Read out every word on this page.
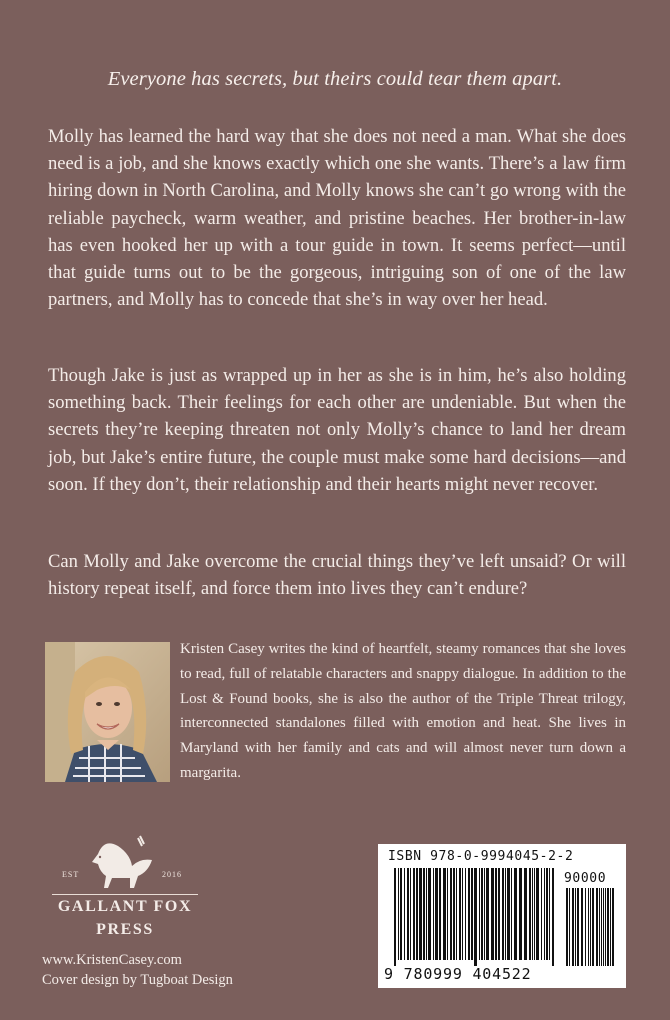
Everyone has secrets, but theirs could tear them apart.
Molly has learned the hard way that she does not need a man. What she does need is a job, and she knows exactly which one she wants. There’s a law firm hiring down in North Carolina, and Molly knows she can’t go wrong with the reliable paycheck, warm weather, and pristine beaches. Her brother-in-law has even hooked her up with a tour guide in town. It seems perfect—until that guide turns out to be the gorgeous, intriguing son of one of the law partners, and Molly has to concede that she’s in way over her head.
Though Jake is just as wrapped up in her as she is in him, he’s also holding something back. Their feelings for each other are undeniable. But when the secrets they’re keeping threaten not only Molly’s chance to land her dream job, but Jake’s entire future, the couple must make some hard decisions—and soon. If they don’t, their relationship and their hearts might never recover.
Can Molly and Jake overcome the crucial things they’ve left unsaid? Or will history repeat itself, and force them into lives they can’t endure?
Kristen Casey writes the kind of heartfelt, steamy romances that she loves to read, full of relatable characters and snappy dialogue. In addition to the Lost & Found books, she is also the author of the Triple Threat trilogy, interconnected standalones filled with emotion and heat. She lives in Maryland with her family and cats and will almost never turn down a margarita.
EST	2016
GALLANT FOX
PRESS
www.KristenCasey.com
Cover design by Tugboat Design
ISBN 978-0-9994045-2-2
90000
9 780999 404522
